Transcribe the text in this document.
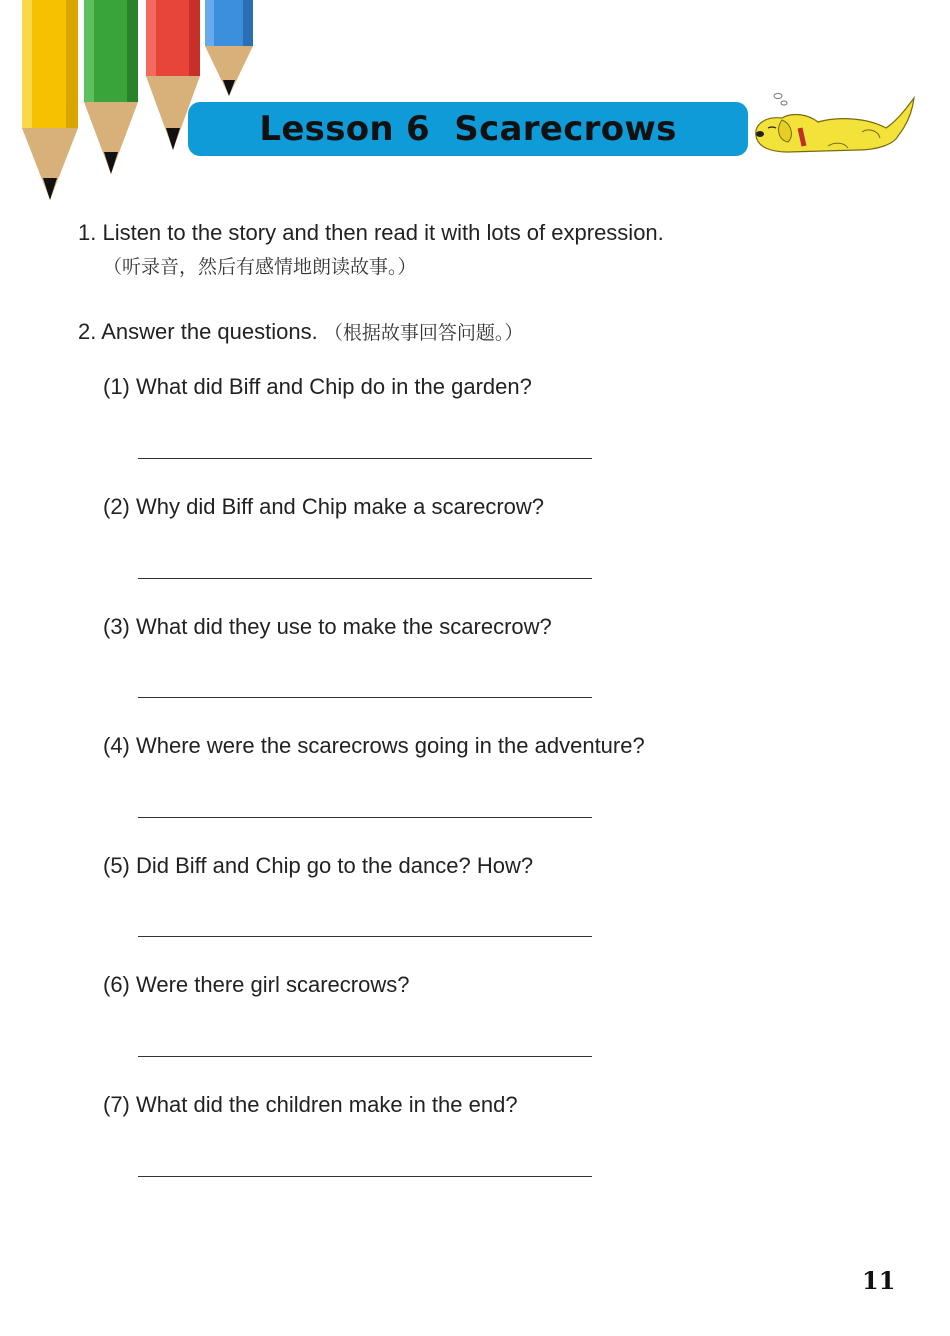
Lesson 6  Scarecrows
1. Listen to the story and then read it with lots of expression.
（听录音，然后有感情地朗读故事。）
2. Answer the questions. （根据故事回答问题。）
(1) What did Biff and Chip do in the garden?
(2) Why did Biff and Chip make a scarecrow?
(3) What did they use to make the scarecrow?
(4) Where were the scarecrows going in the adventure?
(5) Did Biff and Chip go to the dance? How?
(6) Were there girl scarecrows?
(7) What did the children make in the end?
11
